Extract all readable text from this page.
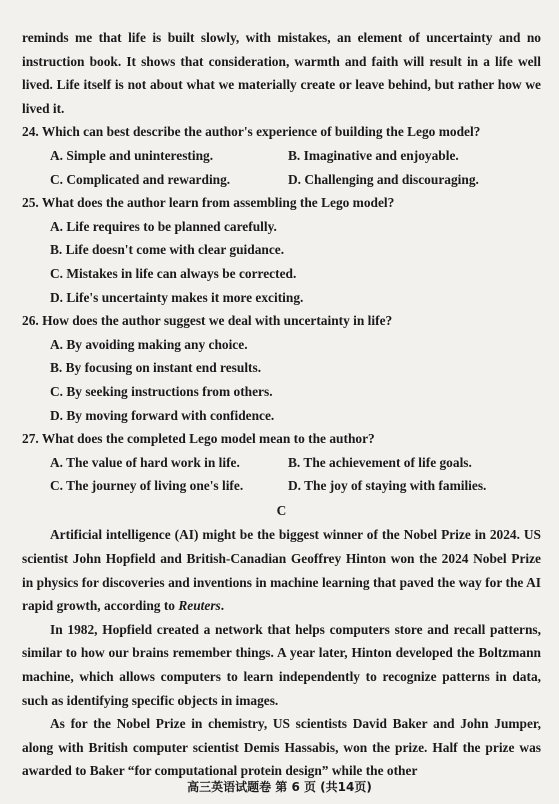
reminds me that life is built slowly, with mistakes, an element of uncertainty and no instruction book. It shows that consideration, warmth and faith will result in a life well lived. Life itself is not about what we materially create or leave behind, but rather how we lived it.

24. Which can best describe the author's experience of building the Lego model?

A. Simple and uninteresting.	B. Imaginative and enjoyable.
C. Complicated and rewarding.	D. Challenging and discouraging.

25. What does the author learn from assembling the Lego model?

A. Life requires to be planned carefully.

B. Life doesn't come with clear guidance.

C. Mistakes in life can always be corrected.

D. Life's uncertainty makes it more exciting.

26. How does the author suggest we deal with uncertainty in life?

A. By avoiding making any choice.

B. By focusing on instant end results.

C. By seeking instructions from others.

D. By moving forward with confidence.

27. What does the completed Lego model mean to the author?

A. The value of hard work in life.	B. The achievement of life goals.
C. The journey of living one's life.	D. The joy of staying with families.
C

Artificial intelligence (AI) might be the biggest winner of the Nobel Prize in 2024. US scientist John Hopfield and British-Canadian Geoffrey Hinton won the 2024 Nobel Prize in physics for discoveries and inventions in machine learning that paved the way for the AI rapid growth, according to Reuters.

In 1982, Hopfield created a network that helps computers store and recall patterns, similar to how our brains remember things. A year later, Hinton developed the Boltzmann machine, which allows computers to learn independently to recognize patterns in data, such as identifying specific objects in images.

As for the Nobel Prize in chemistry, US scientists David Baker and John Jumper, along with British computer scientist Demis Hassabis, won the prize. Half the prize was awarded to Baker “for computational protein design” while the other

高三英语试题卷 第 6 页 (共14页)
